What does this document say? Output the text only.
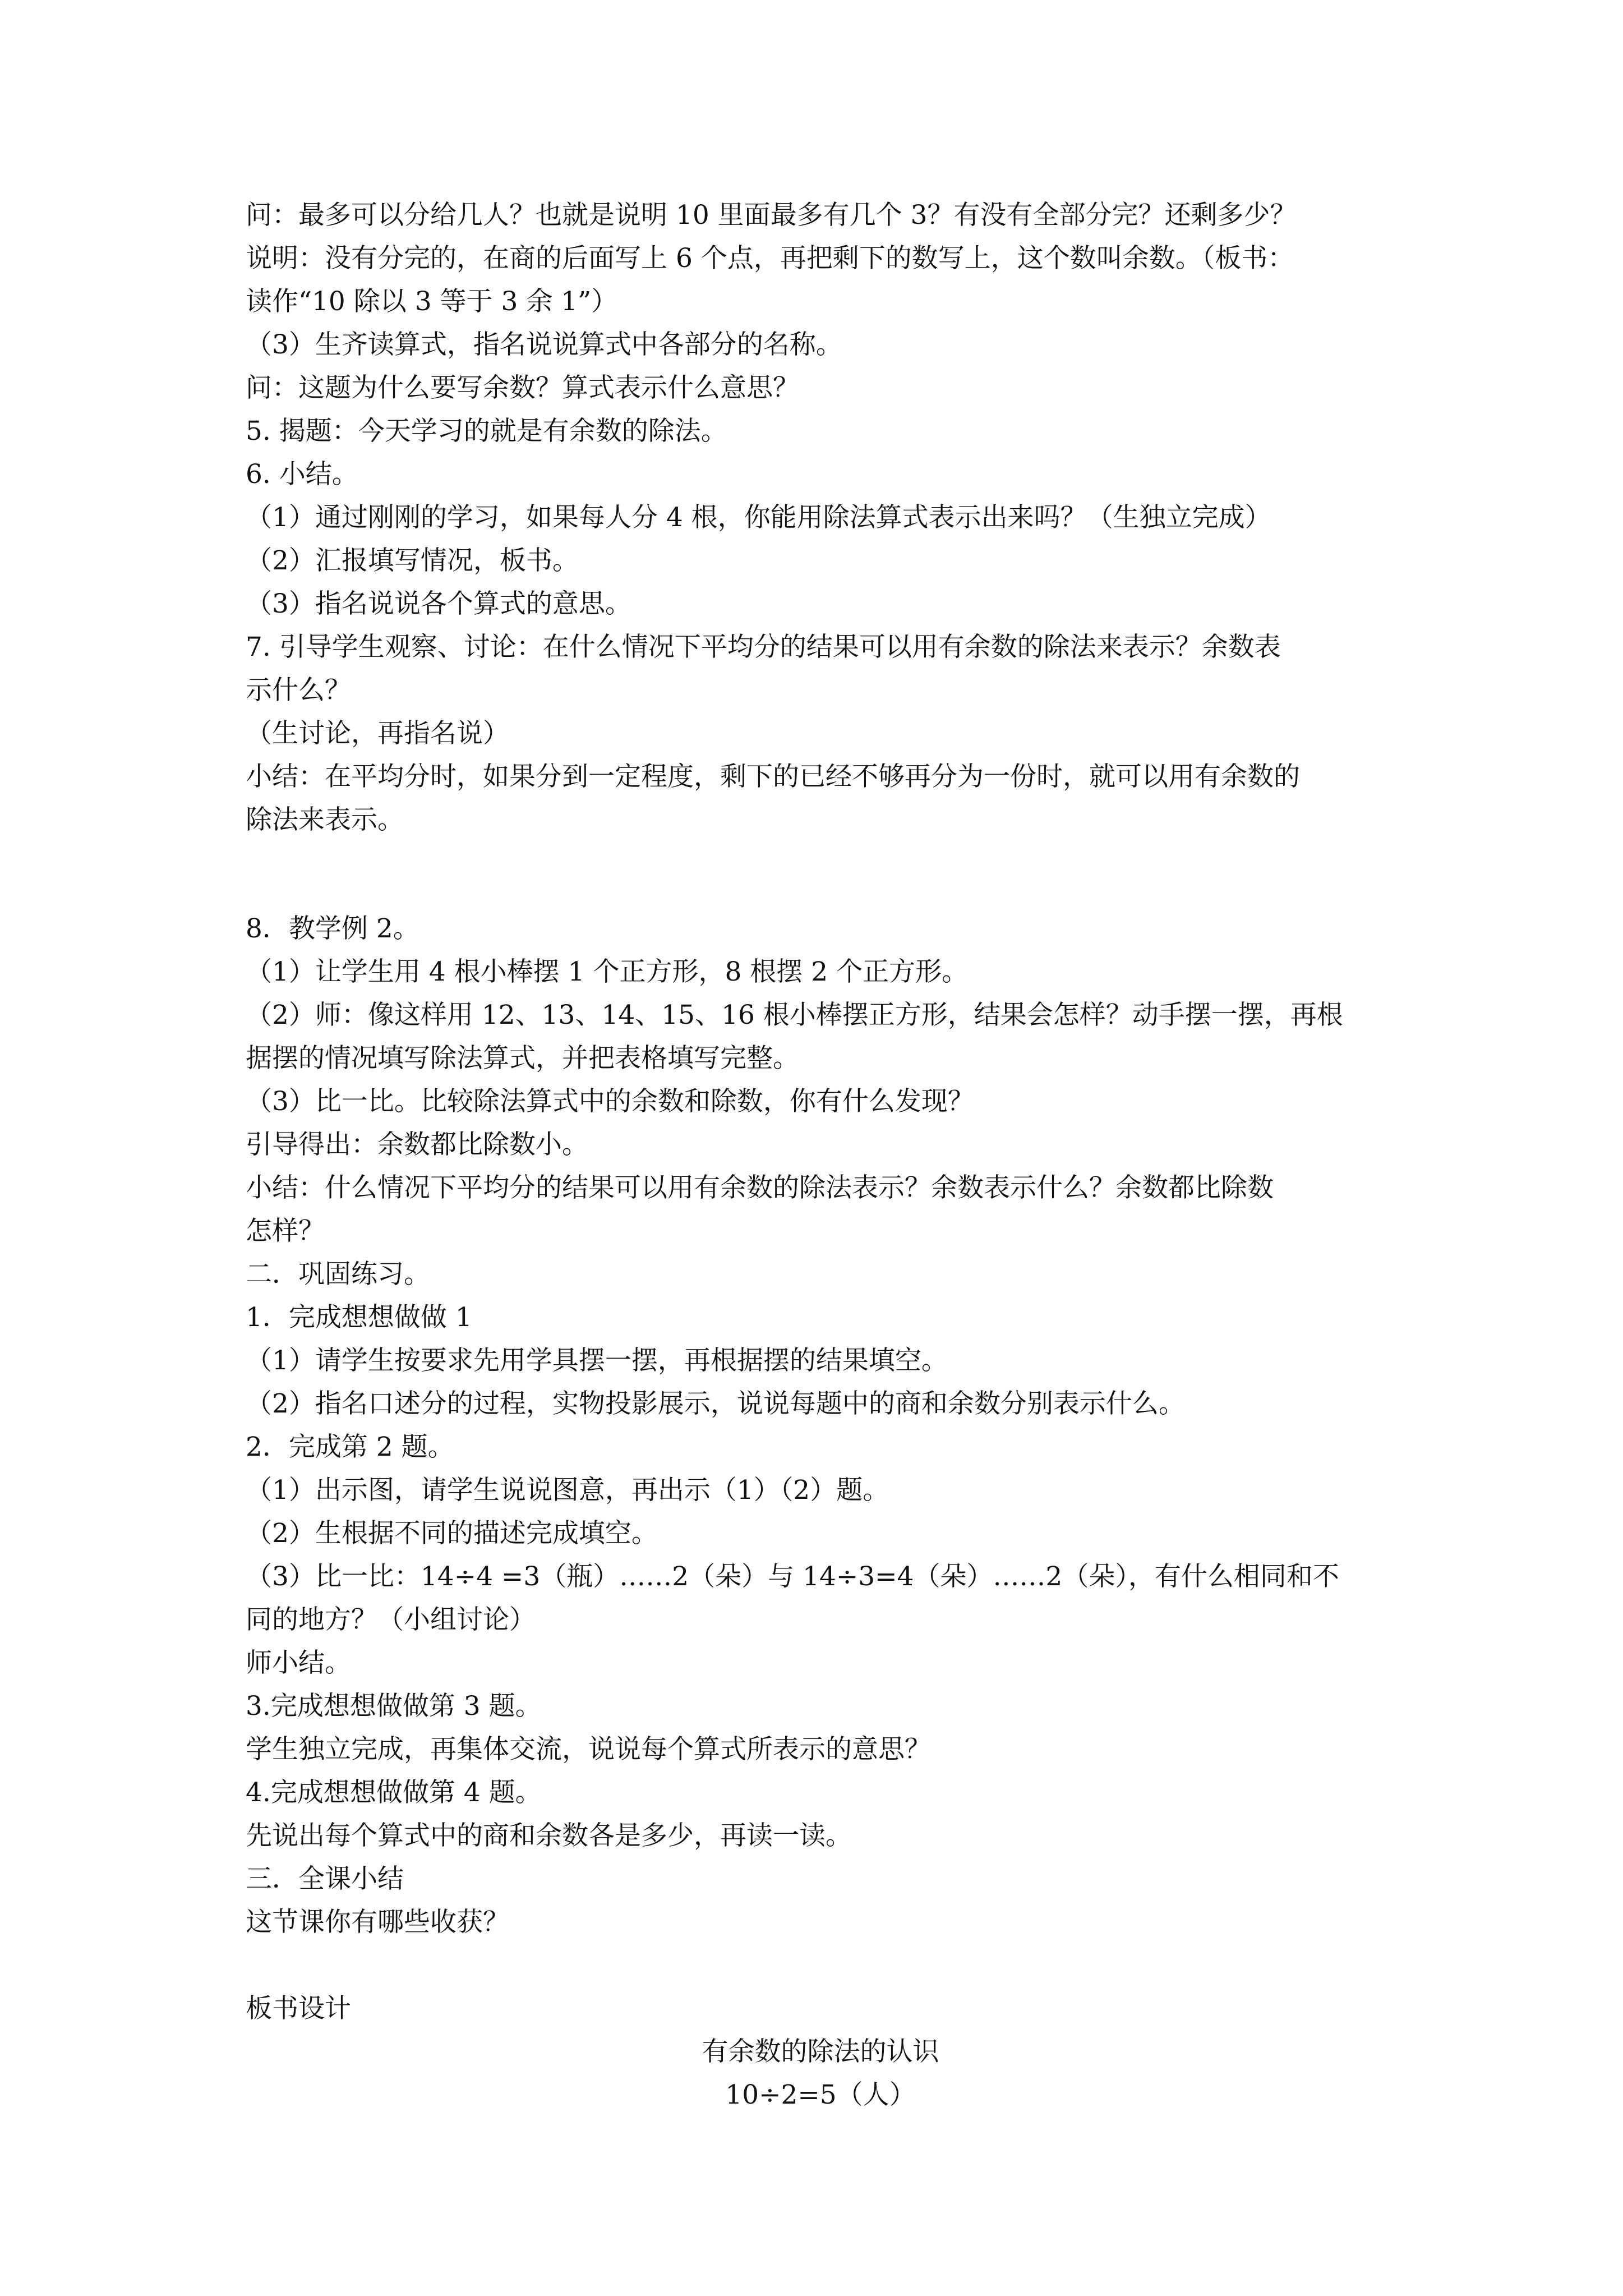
问：最多可以分给几人？也就是说明 10 里面最多有几个 3？有没有全部分完？还剩多少？
说明：没有分完的，在商的后面写上 6 个点，再把剩下的数写上，这个数叫余数。（板书：
读作“10 除以 3 等于 3 余 1”）
（3）生齐读算式，指名说说算式中各部分的名称。
问：这题为什么要写余数？算式表示什么意思？
5. 揭题：今天学习的就是有余数的除法。
6. 小结。
（1）通过刚刚的学习，如果每人分 4 根，你能用除法算式表示出来吗？（生独立完成）
（2）汇报填写情况，板书。
（3）指名说说各个算式的意思。
7. 引导学生观察、讨论：在什么情况下平均分的结果可以用有余数的除法来表示？余数表
示什么？
（生讨论，再指名说）
小结：在平均分时，如果分到一定程度，剩下的已经不够再分为一份时，就可以用有余数的
除法来表示。
8．教学例 2。
（1）让学生用 4 根小棒摆 1 个正方形，8 根摆 2 个正方形。
（2）师：像这样用 12、13、14、15、16 根小棒摆正方形，结果会怎样？动手摆一摆，再根
据摆的情况填写除法算式，并把表格填写完整。
（3）比一比。比较除法算式中的余数和除数，你有什么发现？
引导得出：余数都比除数小。
小结：什么情况下平均分的结果可以用有余数的除法表示？余数表示什么？余数都比除数
怎样？
二．巩固练习。
1．完成想想做做 1
（1）请学生按要求先用学具摆一摆，再根据摆的结果填空。
（2）指名口述分的过程，实物投影展示，说说每题中的商和余数分别表示什么。
2．完成第 2 题。
（1）出示图，请学生说说图意，再出示（1）（2）题。
（2）生根据不同的描述完成填空。
（3）比一比：14÷4 =3（瓶）……2（朵）与 14÷3=4（朵）……2（朵），有什么相同和不
同的地方？（小组讨论）
师小结。
3.完成想想做做第 3 题。
学生独立完成，再集体交流，说说每个算式所表示的意思？
4.完成想想做做第 4 题。
先说出每个算式中的商和余数各是多少，再读一读。
三．全课小结
这节课你有哪些收获？
板书设计
有余数的除法的认识
10÷2=5（人）
